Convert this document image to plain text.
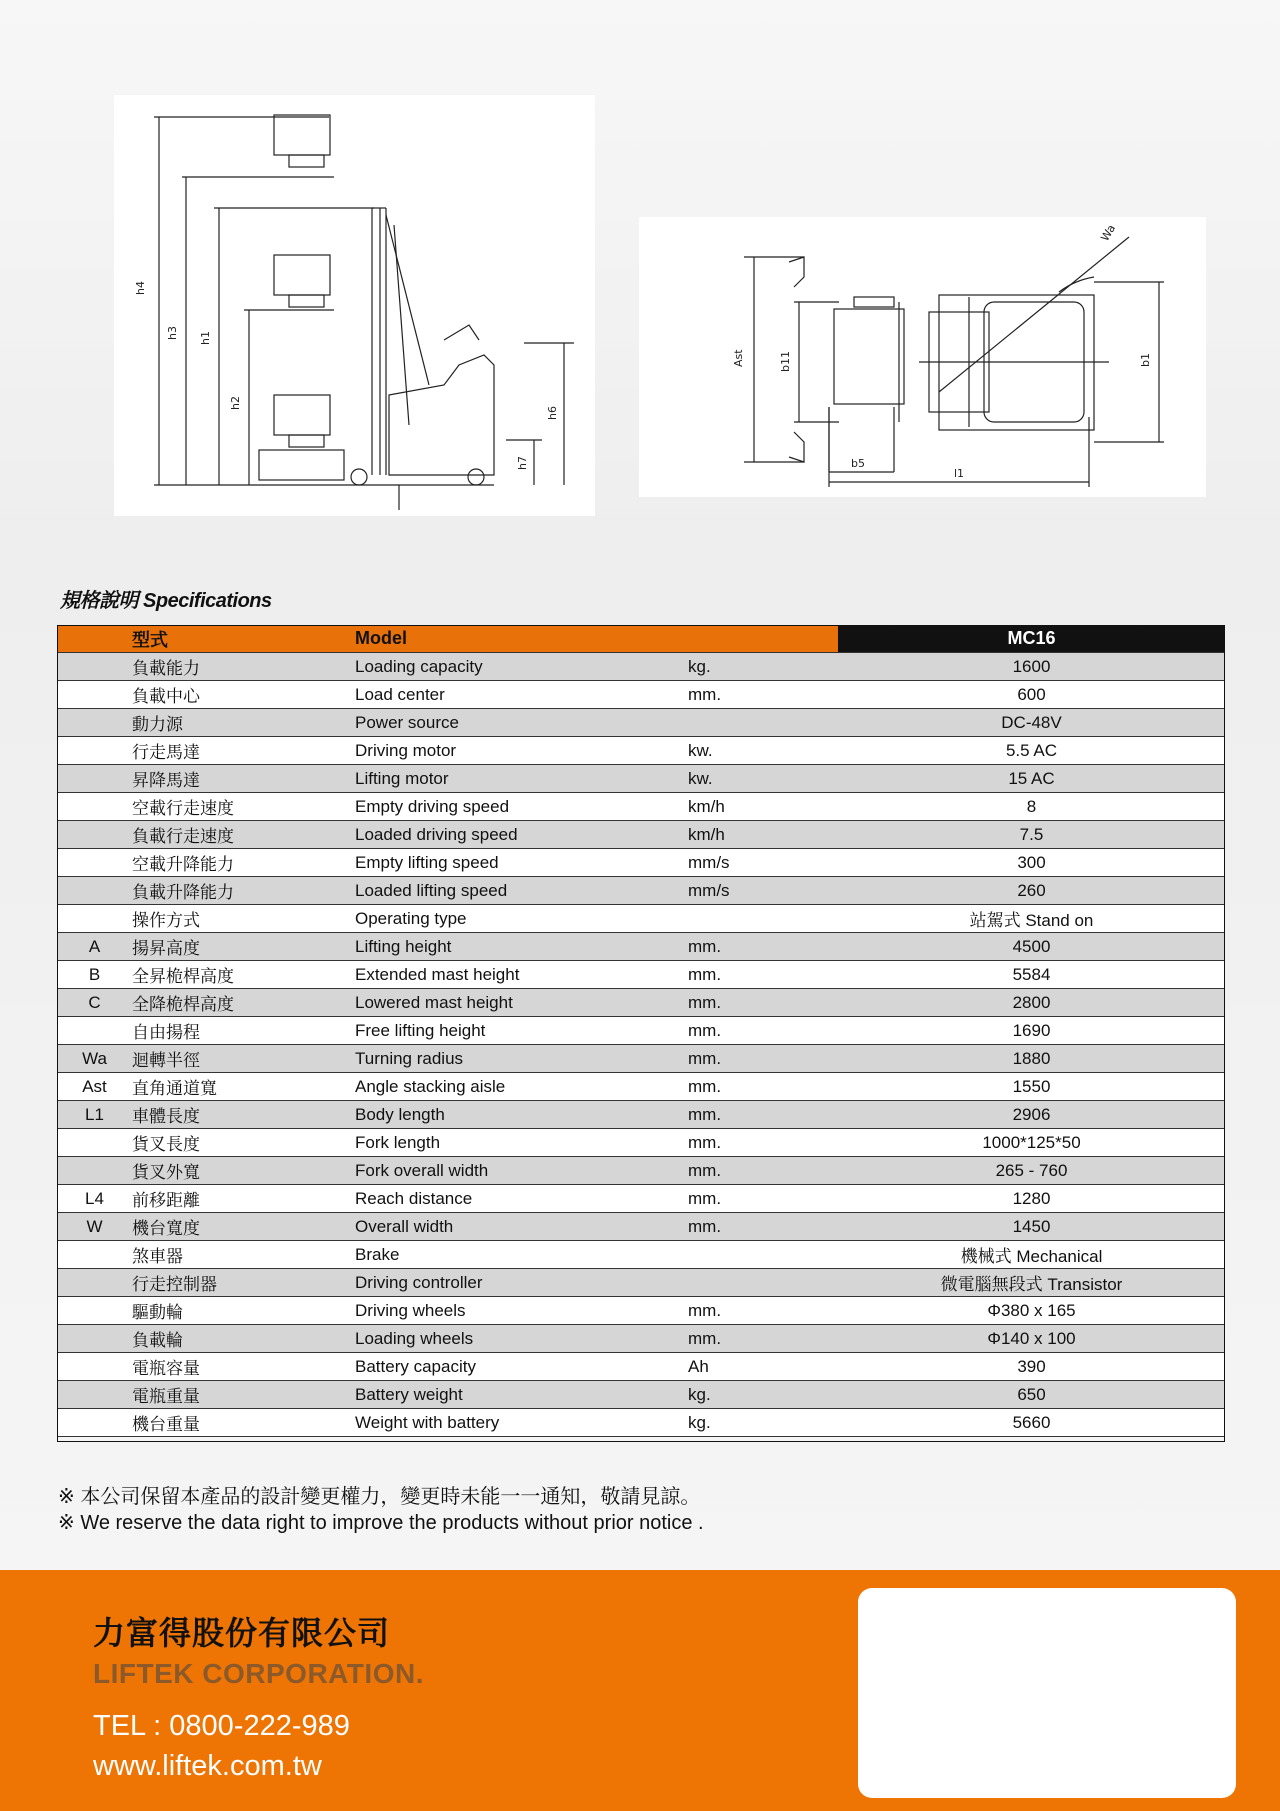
h4
h3 h1
h2
h6
h7
Wa
Ast	b11	b1
b5
l1
規格說明 Specifications
	型式	Model		MC16
	負載能力	Loading capacity	kg.	1600
	負載中心	Load center	mm.	600
	動力源	Power source		DC-48V
	行走馬達	Driving motor	kw.	5.5 AC
	昇降馬達	Lifting motor	kw.	15 AC
	空載行走速度	Empty driving speed	km/h	8
	負載行走速度	Loaded driving speed	km/h	7.5
	空載升降能力	Empty lifting speed	mm/s	300
	負載升降能力	Loaded lifting speed	mm/s	260
	操作方式	Operating type		站駕式 Stand on
A	揚昇高度	Lifting height	mm.	4500
B	全昇桅桿高度	Extended mast height	mm.	5584
C	全降桅桿高度	Lowered mast height	mm.	2800
	自由揚程	Free lifting height	mm.	1690
Wa	迴轉半徑	Turning radius	mm.	1880
Ast	直角通道寬	Angle stacking aisle	mm.	1550
L1	車體長度	Body length	mm.	2906
	貨叉長度	Fork length	mm.	1000*125*50
	貨叉外寬	Fork overall width	mm.	265 - 760
L4	前移距離	Reach distance	mm.	1280
W	機台寬度	Overall width	mm.	1450
	煞車器	Brake		機械式 Mechanical
	行走控制器	Driving controller		微電腦無段式 Transistor
	驅動輪	Driving wheels	mm.	Φ380 x 165
	負載輪	Loading wheels	mm.	Φ140 x 100
	電瓶容量	Battery capacity	Ah	390
	電瓶重量	Battery weight	kg.	650
	機台重量	Weight with battery	kg.	5660
※ 本公司保留本產品的設計變更權力，變更時未能一一通知，敬請見諒。
※ We reserve the data right to improve the products without prior notice .
力富得股份有限公司
LIFTEK CORPORATION.
TEL : 0800-222-989
www.liftek.com.tw
